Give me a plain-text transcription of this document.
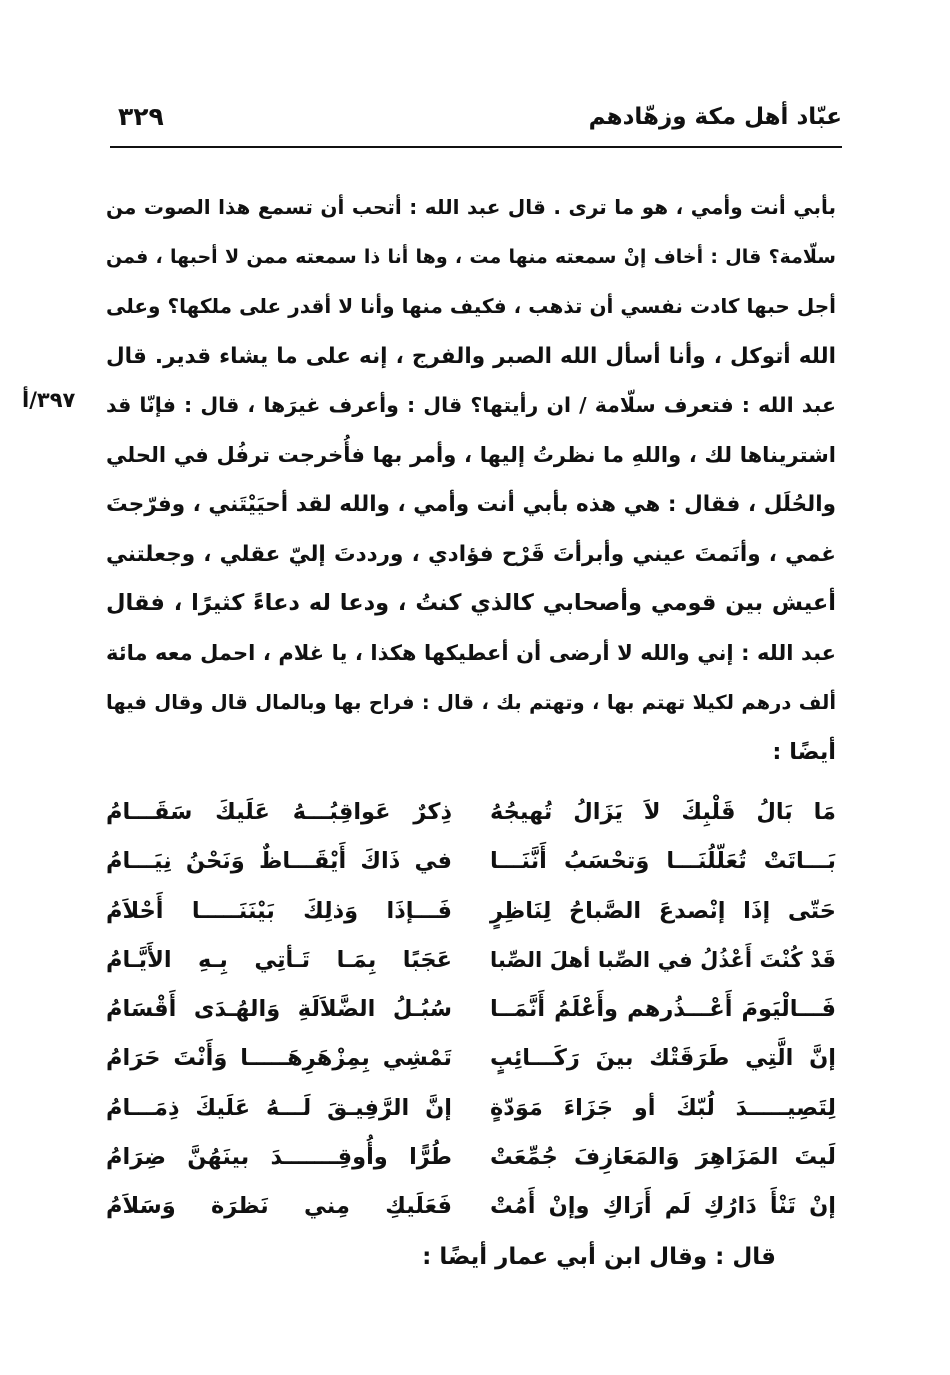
عبّاد أهل مكة وزهّادهم
٣٢٩
بأبي أنت وأمي ، هو ما ترى . قال عبد الله : أتحب أن تسمع هذا الصوت من
سلّامة؟ قال : أخاف إنْ سمعته منها مت ، وها أنا ذا سمعته ممن لا أحبها ، فمن
أجل حبها كادت نفسي أن تذهب ، فكيف منها وأنا لا أقدر على ملكها؟ وعلى
الله أتوكل ، وأنا أسأل الله الصبر والفرج ، إنه على ما يشاء قدير. قال
عبد الله : فتعرف سلّامة / ان رأيتها؟ قال : وأعرف غيرَها ، قال : فإنّا قد
اشتريناها لك ، واللهِ ما نظرتُ إليها ، وأمر بها فأُخرجت ترفُل في الحلي
والحُلَل ، فقال : هي هذه بأبي أنت وأمي ، والله لقد أحيَيْتَني ، وفرّجتَ
غمي ، وأنَمتَ عيني وأبرأتَ قَرْح فؤادي ، ورددتَ إليّ عقلي ، وجعلتني
أعيش بين قومي وأصحابي كالذي كنتُ ، ودعا له دعاءً كثيرًا ، فقال
عبد الله : إني والله لا أرضى أن أعطيكها هكذا ، يا غلام ، احمل معه مائة
ألف درهم لكيلا تهتم بها ، وتهتم بك ، قال : فراح بها وبالمال قال وقال فيها
أيضًا :
٣٩٧/أ
مَا بَالُ قَلْبِكَ لاَ يَزَالُ تُهيجُهُذِكرٌ عَواقِبُـــهُ عَلَيكَ سَقَـــامُ
بَـــاتَتْ تُعَلّلُنَـــا وَتحْسَبُ أَنَّنَـــافي ذَاكَ أَيْقَـــاظٌ وَنَحْنُ نِيَـــامُ
حَتّى إذَا إنْصدعَ الصَّباحُ لِنَاظِرٍفَـــإذَا وَذلِكَ بَيْنَنَـــــا أَحْلاَمُ
قَدْ كُنْتَ أَعْذُلُ في الصِّبا أهلَ الصِّباعَجَبًا بِمَـا تَـأتِي بِـهِ الأَيَّـامُ
فَـــالْيَومَ أَعْـــذُرهم وأَعْلَمُ أَنَّمَــاسُبُـلُ الضَّلاَلَةِ وَالهُـدَى أَقْسَامُ
إنَّ الَّتِي طَرَقَتْك بينَ رَكَـــائِبٍتَمْشِي بِمِزْهَرِهَـــــا وَأَنْتَ حَرَامُ
لِتَصِيـــــدَ لُبّكَ أو جَزَاءَ مَوَدّةٍإنَّ الرَّفِيـقَ لَـــهُ عَلَيكَ ذِمَـــامُ
لَيتَ المَزَاهِرَ وَالمَعَازِفَ جُمِّعَتْطُرًّا وأُوقِـــــــدَ بينَهُنَّ ضِرَامُ
إنْ تَنْأَ دَارُكِ لَم أَرَاكِ وإنْ أَمُتْفَعَلَيكِ مِني نَظرَة وَسَلاَمُ
قال : وقال ابن أبي عمار أيضًا :
